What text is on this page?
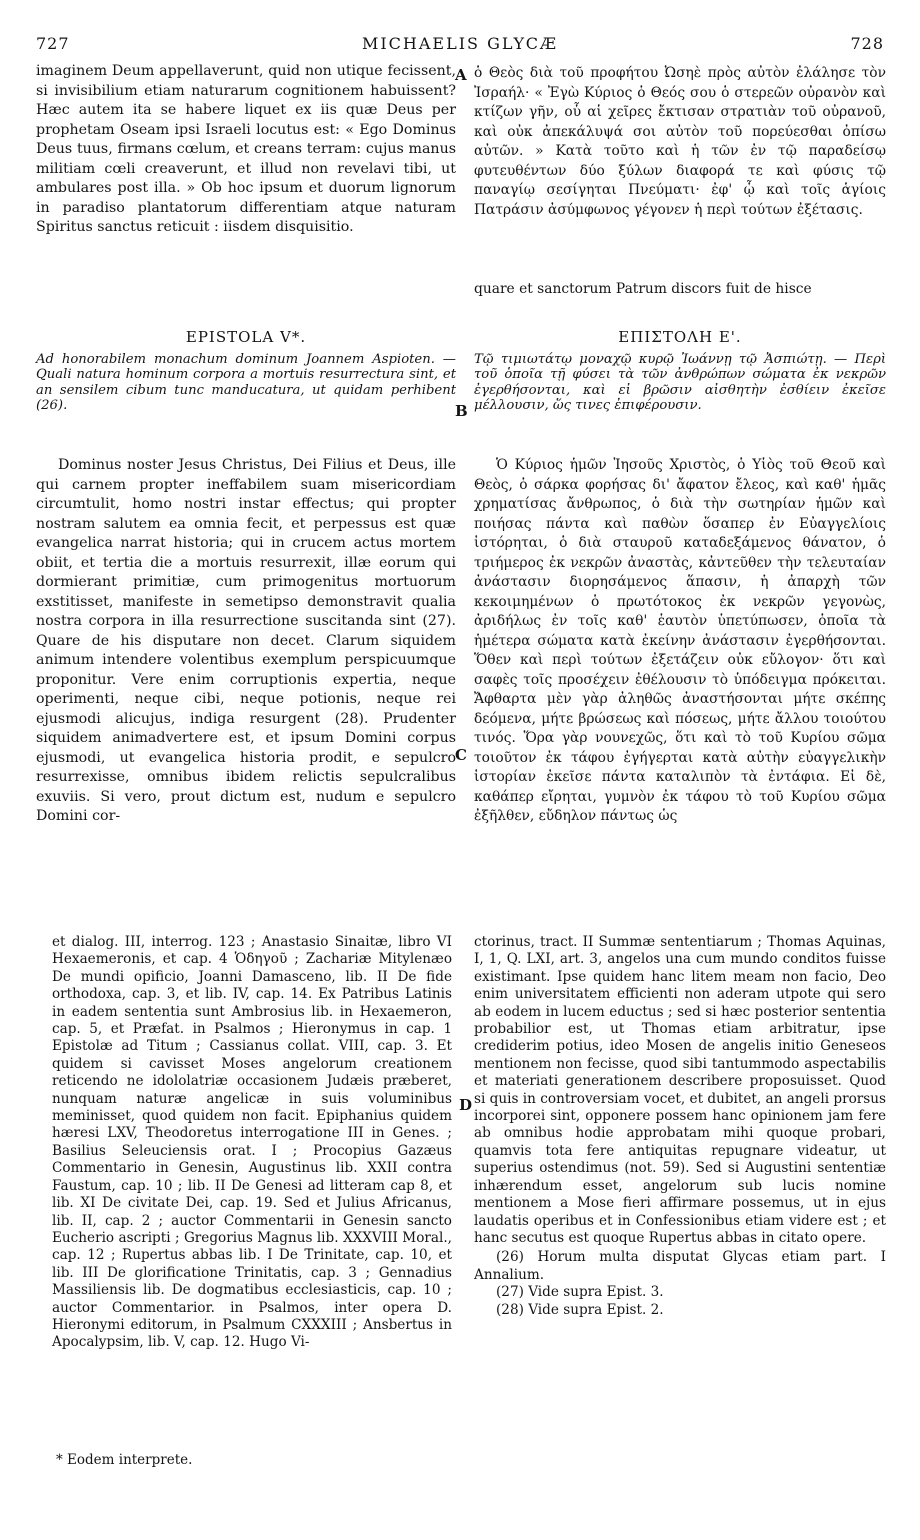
727	MICHAELIS GLYCÆ	728

imaginem Deum appellaverunt, quid non utique fecissent, si invisibilium etiam naturarum cognitionem habuissent? Hæc autem ita se habere liquet ex iis quæ Deus per prophetam Oseam ipsi Israeli locutus est: « Ego Dominus Deus tuus, firmans cœlum, et creans terram: cujus manus militiam cœli creaverunt, et illud non revelavi tibi, ut ambulares post illa. » Ob hoc ipsum et duorum lignorum in paradiso plantatorum differentiam atque naturam Spiritus sanctus reticuit : iisdem disquisitio.

ὁ Θεὸς διὰ τοῦ προφήτου Ὠσηὲ πρὸς αὐτὸν ἐλάλησε τὸν Ἰσραήλ· « Ἐγὼ Κύριος ὁ Θεός σου ὁ στερεῶν οὐρανὸν καὶ κτίζων γῆν, οὗ αἱ χεῖρες ἔκτισαν στρατιὰν τοῦ οὐρανοῦ, καὶ οὐκ ἀπεκάλυψά σοι αὐτὸν τοῦ πορεύεσθαι ὀπίσω αὐτῶν. » Κατὰ τοῦτο καὶ ἡ τῶν ἐν τῷ παραδείσῳ φυτευθέντων δύο ξύλων διαφορά τε καὶ φύσις τῷ παναγίῳ σεσίγηται Πνεύματι· ἐφ' ᾧ καὶ τοῖς ἁγίοις Πατράσιν ἀσύμφωνος γέγονεν ἡ περὶ τούτων ἐξέτασις.

quare et sanctorum Patrum discors fuit de hisce

EPISTOLA V*.
Ad honorabilem monachum dominum Joannem Aspioten. — Quali natura hominum corpora a mortuis resurrectura sint, et an sensilem cibum tunc manducatura, ut quidam perhibent (26).
ΕΠΙΣΤΟΛΗ Ε'.
Τῷ τιμιωτάτῳ μοναχῷ κυρῷ Ἰωάννῃ τῷ Ἀσπιώτῃ. — Περὶ τοῦ ὁποῖα τῇ φύσει τὰ τῶν ἀνθρώπων σώματα ἐκ νεκρῶν ἐγερθήσονται, καὶ εἰ βρῶσιν αἰσθητὴν ἐσθίειν ἐκεῖσε μέλλουσιν, ὥς τινες ἐπιφέρουσιν.

Dominus noster Jesus Christus, Dei Filius et Deus, ille qui carnem propter ineffabilem suam misericordiam circumtulit, homo nostri instar effectus; qui propter nostram salutem ea omnia fecit, et perpessus est quæ evangelica narrat historia; qui in crucem actus mortem obiit, et tertia die a mortuis resurrexit, illæ eorum qui dormierant primitiæ, cum primogenitus mortuorum exstitisset, manifeste in semetipso demonstravit qualia nostra corpora in illa resurrectione suscitanda sint (27). Quare de his disputare non decet. Clarum siquidem animum intendere volentibus exemplum perspicuumque proponitur. Vere enim corruptionis expertia, neque operimenti, neque cibi, neque potionis, neque rei ejusmodi alicujus, indiga resurgent (28). Prudenter siquidem animadvertere est, et ipsum Domini corpus ejusmodi, ut evangelica historia prodit, e sepulcro resurrexisse, omnibus ibidem relictis sepulcralibus exuviis. Si vero, prout dictum est, nudum e sepulcro Domini cor-

Ὁ Κύριος ἡμῶν Ἰησοῦς Χριστὸς, ὁ Υἱὸς τοῦ Θεοῦ καὶ Θεὸς, ὁ σάρκα φορήσας δι' ἄφατον ἔλεος, καὶ καθ' ἡμᾶς χρηματίσας ἄνθρωπος, ὁ διὰ τὴν σωτηρίαν ἡμῶν καὶ ποιήσας πάντα καὶ παθὼν ὅσαπερ ἐν Εὐαγγελίοις ἱστόρηται, ὁ διὰ σταυροῦ καταδεξάμενος θάνατον, ὁ τριήμερος ἐκ νεκρῶν ἀναστὰς, κἀντεῦθεν τὴν τελευταίαν ἀνάστασιν διορησάμενος ἅπασιν, ἡ ἀπαρχὴ τῶν κεκοιμημένων ὁ πρωτότοκος ἐκ νεκρῶν γεγονὼς, ἀριδήλως ἐν τοῖς καθ' ἑαυτὸν ὑπετύπωσεν, ὁποῖα τὰ ἡμέτερα σώματα κατὰ ἐκείνην ἀνάστασιν ἐγερθήσονται. Ὅθεν καὶ περὶ τούτων ἐξετάζειν οὐκ εὔλογον· ὅτι καὶ σαφὲς τοῖς προσέχειν ἐθέλουσιν τὸ ὑπόδειγμα πρόκειται. Ἄφθαρτα μὲν γὰρ ἀληθῶς ἀναστήσονται μήτε σκέπης δεόμενα, μήτε βρώσεως καὶ πόσεως, μήτε ἄλλου τοιούτου τινός. Ὅρα γὰρ νουνεχῶς, ὅτι καὶ τὸ τοῦ Κυρίου σῶμα τοιοῦτον ἐκ τάφου ἐγήγερται κατὰ αὐτὴν εὐαγγελικὴν ἱστορίαν ἐκεῖσε πάντα καταλιπὸν τὰ ἐντάφια. Εἰ δὲ, καθάπερ εἴρηται, γυμνὸν ἐκ τάφου τὸ τοῦ Κυρίου σῶμα ἐξῆλθεν, εὔδηλον πάντως ὡς

A
B
C
D

et dialog. III, interrog. 123 ; Anastasio Sinaitæ, libro VI Hexaemeronis, et cap. 4 Ὁδηγοῦ ; Zachariæ Mitylenæo De mundi opificio, Joanni Damasceno, lib. II De fide orthodoxa, cap. 3, et lib. IV, cap. 14. Ex Patribus Latinis in eadem sententia sunt Ambrosius lib. in Hexaemeron, cap. 5, et Præfat. in Psalmos ; Hieronymus in cap. 1 Epistolæ ad Titum ; Cassianus collat. VIII, cap. 3. Et quidem si cavisset Moses angelorum creationem reticendo ne idololatriæ occasionem Judæis præberet, nunquam naturæ angelicæ in suis voluminibus meminisset, quod quidem non facit. Epiphanius quidem hæresi LXV, Theodoretus interrogatione III in Genes. ; Basilius Seleuciensis orat. I ; Procopius Gazæus Commentario in Genesin, Augustinus lib. XXII contra Faustum, cap. 10 ; lib. II De Genesi ad litteram cap 8, et lib. XI De civitate Dei, cap. 19. Sed et Julius Africanus, lib. II, cap. 2 ; auctor Commentarii in Genesin sancto Eucherio ascripti ; Gregorius Magnus lib. XXXVIII Moral., cap. 12 ; Rupertus abbas lib. I De Trinitate, cap. 10, et lib. III De glorificatione Trinitatis, cap. 3 ; Gennadius Massiliensis lib. De dogmatibus ecclesiasticis, cap. 10 ; auctor Commentarior. in Psalmos, inter opera D. Hieronymi editorum, in Psalmum CXXXIII ; Ansbertus in Apocalypsim, lib. V, cap. 12. Hugo Vi-

ctorinus, tract. II Summæ sententiarum ; Thomas Aquinas, I, 1, Q. LXI, art. 3, angelos una cum mundo conditos fuisse existimant. Ipse quidem hanc litem meam non facio, Deo enim universitatem efficienti non aderam utpote qui sero ab eodem in lucem eductus ; sed si hæc posterior sententia probabilior est, ut Thomas etiam arbitratur, ipse crediderim potius, ideo Mosen de angelis initio Geneseos mentionem non fecisse, quod sibi tantummodo aspectabilis et materiati generationem describere proposuisset. Quod si quis in controversiam vocet, et dubitet, an angeli prorsus incorporei sint, opponere possem hanc opinionem jam fere ab omnibus hodie approbatam mihi quoque probari, quamvis tota fere antiquitas repugnare videatur, ut superius ostendimus (not. 59). Sed si Augustini sententiæ inhærendum esset, angelorum sub lucis nomine mentionem a Mose fieri affirmare possemus, ut in ejus laudatis operibus et in Confessionibus etiam videre est ; et hanc secutus est quoque Rupertus abbas in citato opere.

(26) Horum multa disputat Glycas etiam part. I Annalium.

(27) Vide supra Epist. 3.

(28) Vide supra Epist. 2.

* Eodem interprete.
